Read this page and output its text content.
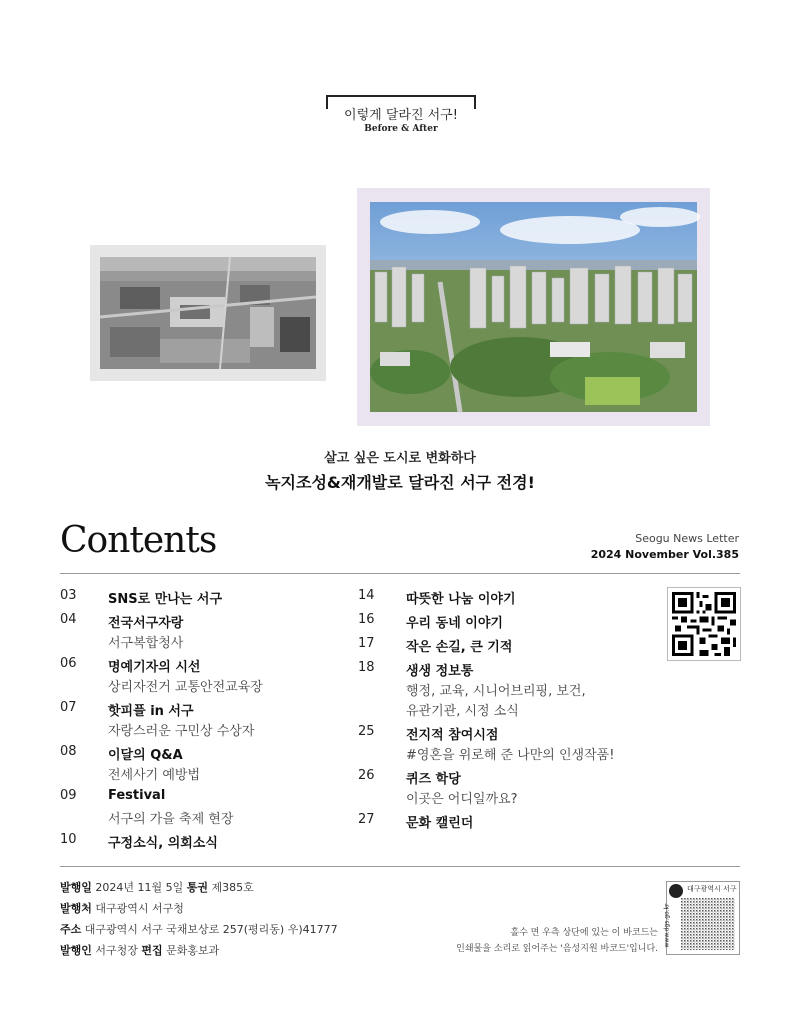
이렇게 달라진 서구!
Before & After
살고 싶은 도시로 변화하다
녹지조성&재개발로 달라진 서구 전경!
Contents	Seogu News Letter
2024 November Vol.385
03 SNS로 만나는 서구
04 전국서구자랑
서구복합청사
06 명예기자의 시선
상리자전거 교통안전교육장
07 핫피플 in 서구
자랑스러운 구민상 수상자
08 이달의 Q&A
전세사기 예방법
09 Festival
서구의 가을 축제 현장
10 구정소식, 의회소식
14 따뜻한 나눔 이야기
16 우리 동네 이야기
17 작은 손길, 큰 기적
18 생생 정보통
행정, 교육, 시니어브리핑, 보건,
유관기관, 시정 소식
25 전지적 참여시점
#영혼을 위로해 준 나만의 인생작품!
26 퀴즈 학당
이곳은 어디일까요?
27 문화 캘린더
발행일 2024년 11월 5일 통권 제385호
발행처 대구광역시 서구청
주소 대구광역시 서구 국채보상로 257(평리동) 우)41777
발행인 서구청장 편집 문화홍보과
홀수 면 우측 상단에 있는 이 바코드는
인쇄물을 소리로 읽어주는 '음성지원 바코드'입니다.
대구광역시 서구
www.dgs.go.kr
